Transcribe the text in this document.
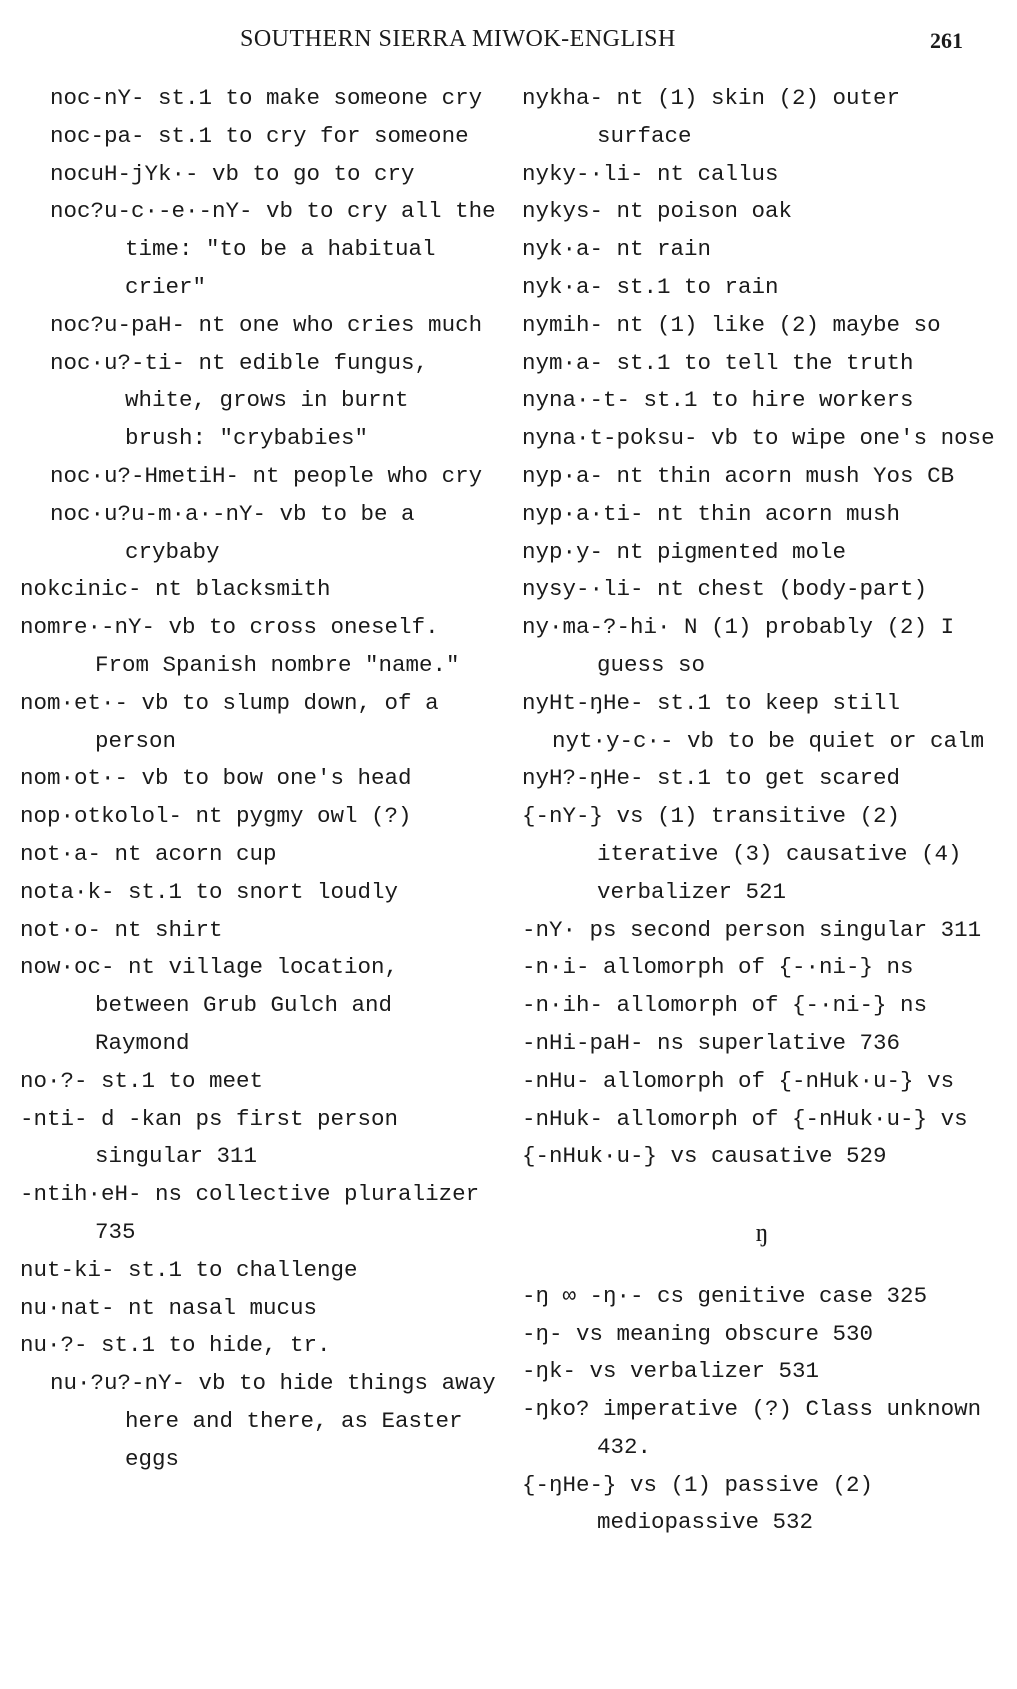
SOUTHERN SIERRA MIWOK-ENGLISH	261

noc-nY- st.1 to make someone cry

noc-pa- st.1 to cry for someone

nocuH-jYk·- vb to go to cry

noc?u-c·-e·-nY- vb to cry all the time: "to be a habitual crier"

noc?u-paH- nt one who cries much

noc·u?-ti- nt edible fungus, white, grows in burnt brush: "crybabies"

noc·u?-HmetiH- nt people who cry

noc·u?u-m·a·-nY- vb to be a crybaby

nokcinic- nt blacksmith

nomre·-nY- vb to cross oneself. From Spanish nombre "name."

nom·et·- vb to slump down, of a person

nom·ot·- vb to bow one's head

nop·otkolol- nt pygmy owl (?)

not·a- nt acorn cup

nota·k- st.1 to snort loudly

not·o- nt shirt

now·oc- nt village location, between Grub Gulch and Raymond

no·?- st.1 to meet

-nti- d -kan ps first person singular 311

-ntih·eH- ns collective pluralizer 735

nut-ki- st.1 to challenge

nu·nat- nt nasal mucus

nu·?- st.1 to hide, tr.

nu·?u?-nY- vb to hide things away here and there, as Easter eggs

nykha- nt (1) skin (2) outer surface

nyky-·li- nt callus

nykys- nt poison oak

nyk·a- nt rain

nyk·a- st.1 to rain

nymih- nt (1) like (2) maybe so

nym·a- st.1 to tell the truth

nyna·-t- st.1 to hire workers

nyna·t-poksu- vb to wipe one's nose

nyp·a- nt thin acorn mush Yos CB

nyp·a·ti- nt thin acorn mush

nyp·y- nt pigmented mole

nysy-·li- nt chest (body-part)

ny·ma-?-hi· N (1) probably (2) I guess so

nyHt-ŋHe- st.1 to keep still

nyt·y-c·- vb to be quiet or calm

nyH?-ŋHe- st.1 to get scared

{-nY-} vs (1) transitive (2) iterative (3) causative (4) verbalizer 521

-nY· ps second person singular 311

-n·i- allomorph of {-·ni-} ns

-n·ih- allomorph of {-·ni-} ns

-nHi-paH- ns superlative 736

-nHu- allomorph of {-nHuk·u-} vs

-nHuk- allomorph of {-nHuk·u-} vs

{-nHuk·u-} vs causative 529

ŋ

-ŋ ∞ -ŋ·- cs genitive case 325

-ŋ- vs meaning obscure 530

-ŋk- vs verbalizer 531

-ŋko? imperative (?) Class unknown 432.

{-ŋHe-} vs (1) passive (2) mediopassive 532
